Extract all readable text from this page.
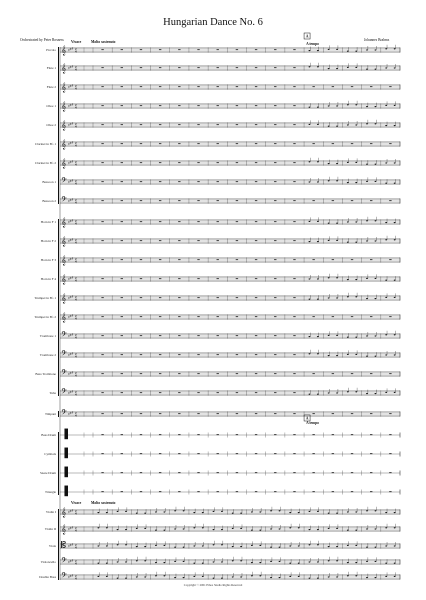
Hungarian Dance No. 6
Orchestrated by Peter Rosness	Johannes Brahms
Piccolo 𝄞	2
4
♯ ♯ ♯
Flute 1 𝄞	2
4
♯ ♯ ♯
Flute 2 𝄞	2
4
♯ ♯ ♯
Oboe 1 𝄞	2
4
♯ ♯ ♯
Oboe 2 𝄞	2
4
♯ ♯ ♯
Clarinet in B♭ 1 𝄞	2
4
♯ ♯ ♯
Clarinet in B♭ 2 𝄞	2
4
♯ ♯ ♯
Bassoon 1 𝄢	2
4
♯ ♯ ♯
Bassoon 2 𝄢	2
4
♯ ♯ ♯
Horn in F 1 𝄞	2
4
♯ ♯ ♯
Horn in F 2 𝄞	2
4
♯ ♯ ♯
Horn in F 3 𝄞	2
4
♯ ♯ ♯
Horn in F 4 𝄞	2
4
♯ ♯ ♯
Trumpet in B♭ 1 𝄞	2
4
♯ ♯ ♯
Trumpet in B♭ 2 𝄞	2
4
♯ ♯ ♯
Trombone 1 𝄢	2
4
♯ ♯ ♯
Trombone 2 𝄢	2
4
♯ ♯ ♯
Bass Trombone 𝄢	2
4
♯ ♯ ♯
Tuba 𝄢	2
4
♯ ♯ ♯
Timpani 𝄢	2
4
♯ ♯ ♯
Bass Drum ▐
Cymbals ▐
Snare Drum ▐
Triangle ▐
Violin I 𝄞	2
4
♯ ♯ ♯
Violin II 𝄞	2
4
♯ ♯ ♯
Viola 𝄡	2
4
♯ ♯ ♯
Violoncello 𝄢	2
4
♯ ♯ ♯
Double Bass 𝄢	2
4
♯ ♯ ♯
Vivace	Molto sostenuto	A tempo
Vivace	Molto sostenuto
A tempo
A
A
Copyright © 2001 Ethos Studio Rights Reserved
